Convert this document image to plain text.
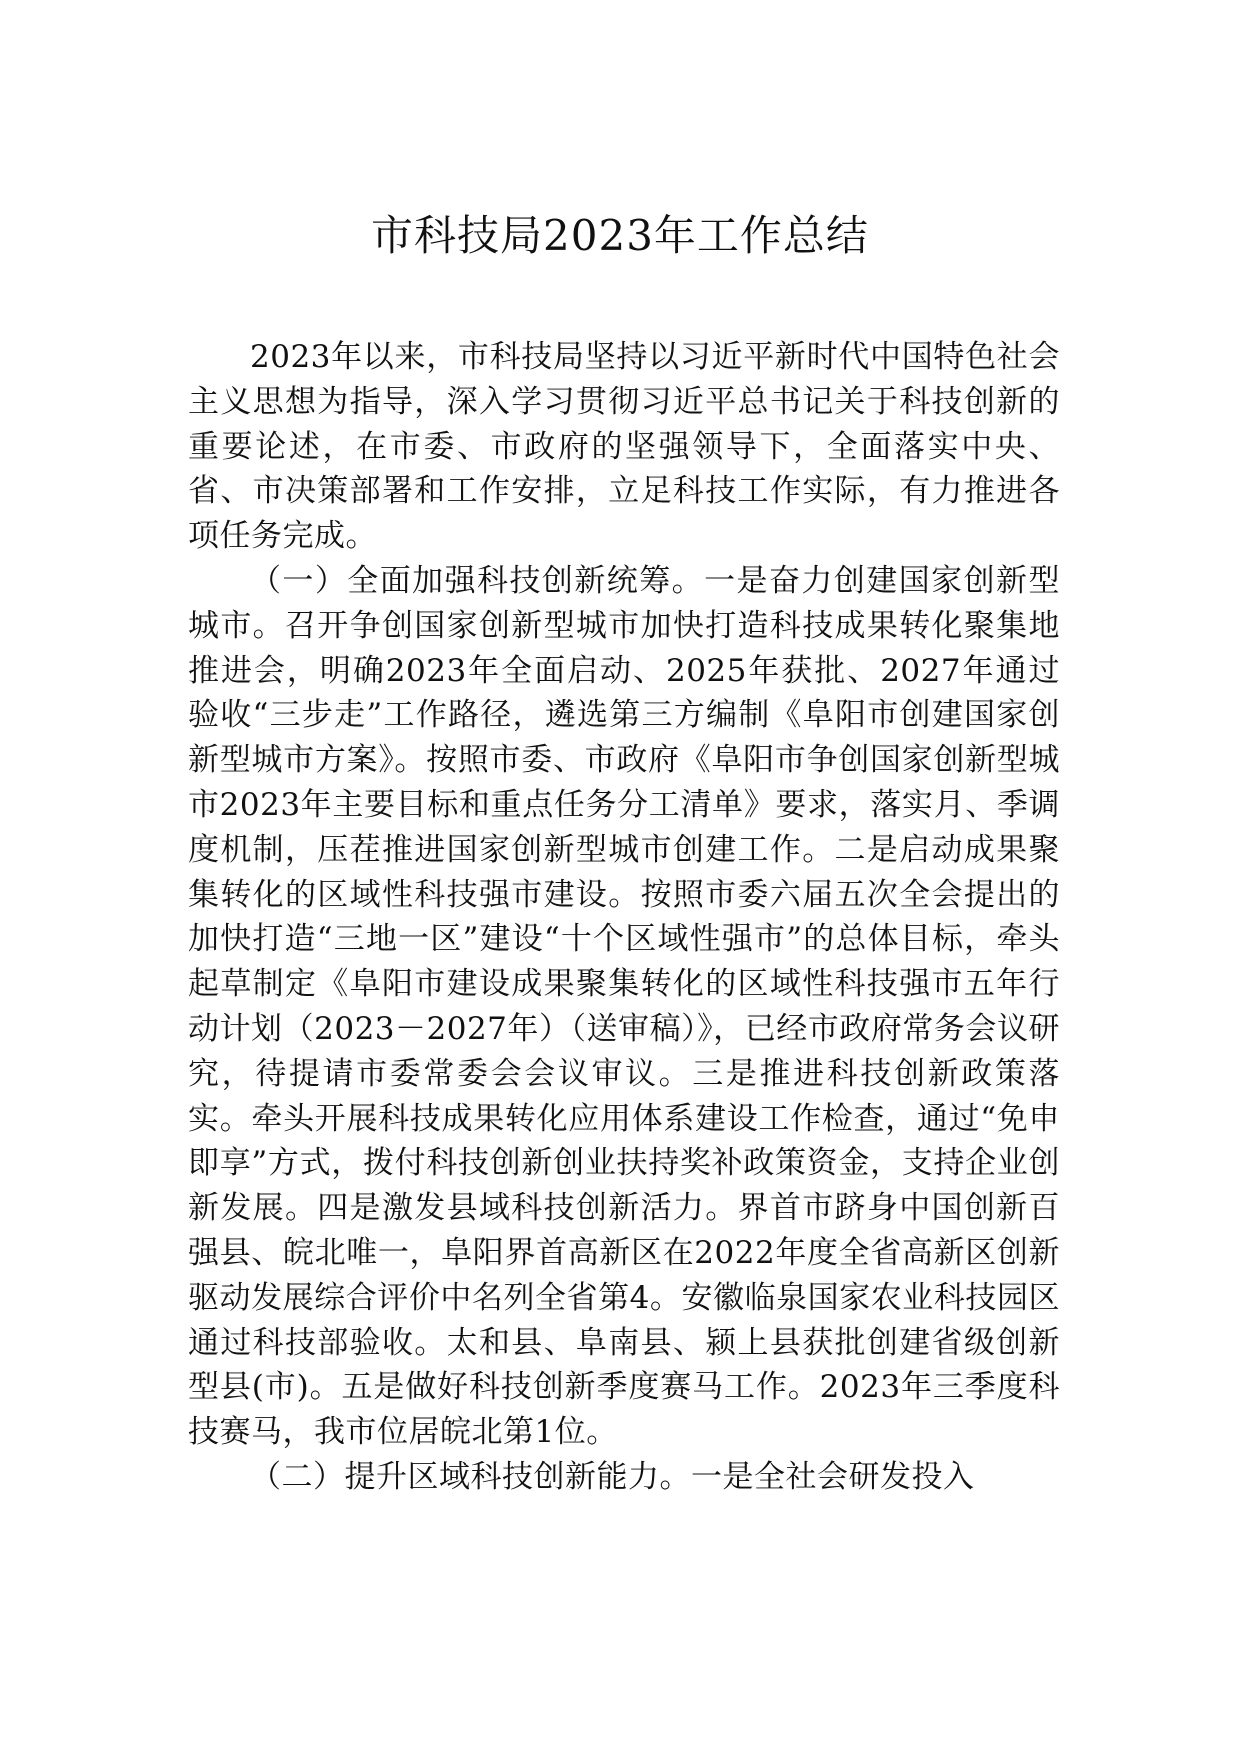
市科技局2023年工作总结

2023年以来，市科技局坚持以习近平新时代中国特色社会主义思想为指导，深入学习贯彻习近平总书记关于科技创新的重要论述，在市委、市政府的坚强领导下，全面落实中央、省、市决策部署和工作安排，立足科技工作实际，有力推进各项任务完成。

（一）全面加强科技创新统筹。一是奋力创建国家创新型城市。召开争创国家创新型城市加快打造科技成果转化聚集地推进会，明确2023年全面启动、2025年获批、2027年通过验收“三步走”工作路径，遴选第三方编制《阜阳市创建国家创新型城市方案》。按照市委、市政府《阜阳市争创国家创新型城市2023年主要目标和重点任务分工清单》要求，落实月、季调度机制，压茬推进国家创新型城市创建工作。二是启动成果聚集转化的区域性科技强市建设。按照市委六届五次全会提出的加快打造“三地一区”建设“十个区域性强市”的总体目标，牵头起草制定《阜阳市建设成果聚集转化的区域性科技强市五年行动计划（2023－2027年）（送审稿）》，已经市政府常务会议研究，待提请市委常委会会议审议。三是推进科技创新政策落实。牵头开展科技成果转化应用体系建设工作检查，通过“免申即享”方式，拨付科技创新创业扶持奖补政策资金，支持企业创新发展。四是激发县域科技创新活力。界首市跻身中国创新百强县、皖北唯一，阜阳界首高新区在2022年度全省高新区创新驱动发展综合评价中名列全省第4。安徽临泉国家农业科技园区通过科技部验收。太和县、阜南县、颍上县获批创建省级创新型县(市)。五是做好科技创新季度赛马工作。2023年三季度科技赛马，我市位居皖北第1位。

（二）提升区域科技创新能力。一是全社会研发投入
